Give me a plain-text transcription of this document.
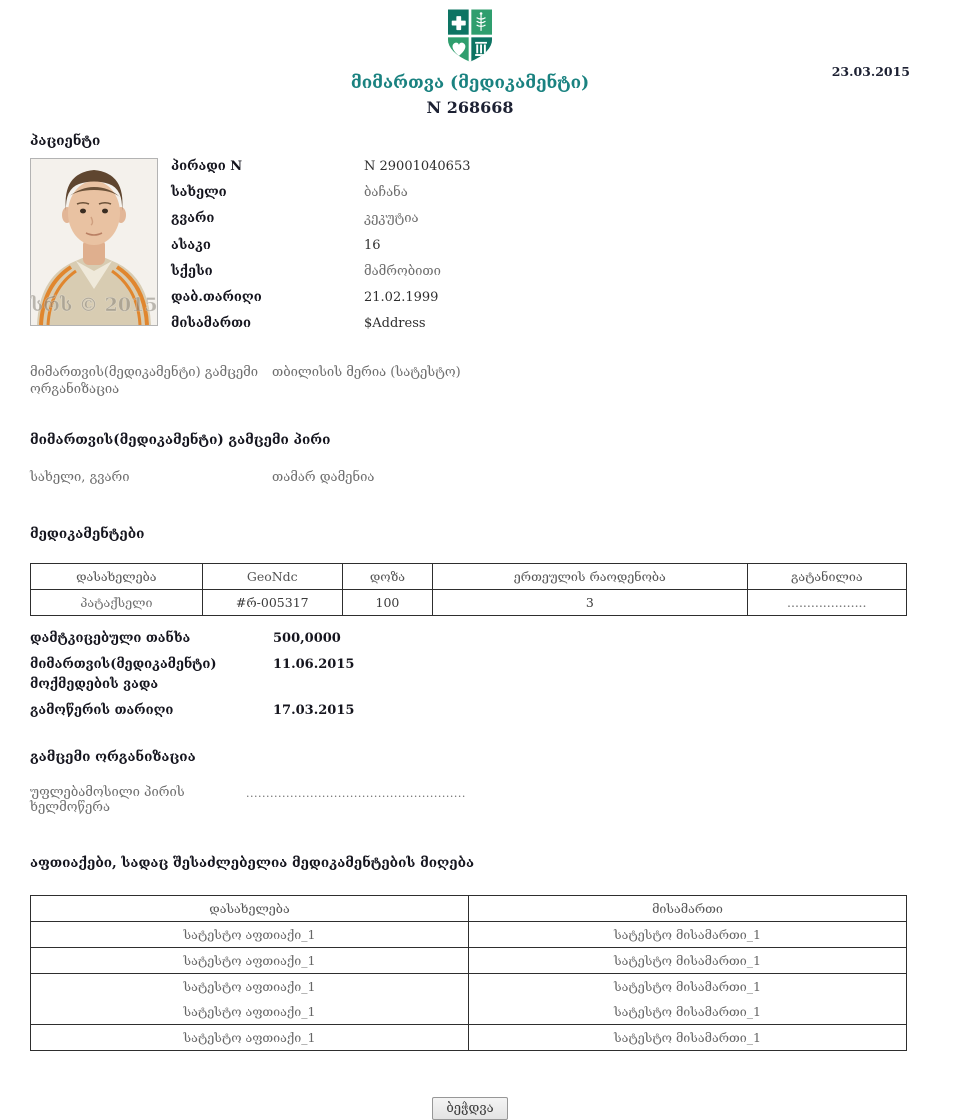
მიმართვა (მედიკამენტი)
N 268668
23.03.2015
პაციენტი
სრს © 2015
პირადი N	N 29001040653
სახელი	ბაჩანა
გვარი	კეკუტია
ასაკი	16
სქესი	მამრობითი
დაბ.თარიღი	21.02.1999
მისამართი	$Address
მიმართვის(მედიკამენტი) გამცემი ორგანიზაცია
თბილისის მერია (სატესტო)
მიმართვის(მედიკამენტი) გამცემი პირი
სახელი, გვარი	თამარ დამენია
მედიკამენტები
დასახელება	GeoNdc	დოზა	ერთეულის რაოდენობა	გატანილია
პატაქსელი	#რ-005317	100	3	....................
დამტკიცებული თანხა	500,0000
მიმართვის(მედიკამენტი) მოქმედების ვადა
11.06.2015
გამოწერის თარიღი	17.03.2015
გამცემი ორგანიზაცია
უფლებამოსილი პირის ხელმოწერა
.......................................................
აფთიაქები, სადაც შესაძლებელია მედიკამენტების მიღება
დასახელება	მისამართი
სატესტო აფთიაქი_1	სატესტო მისამართი_1
სატესტო აფთიაქი_1	სატესტო მისამართი_1
სატესტო აფთიაქი_1	სატესტო მისამართი_1
სატესტო აფთიაქი_1	სატესტო მისამართი_1
სატესტო აფთიაქი_1	სატესტო მისამართი_1
ბეჭდვა
